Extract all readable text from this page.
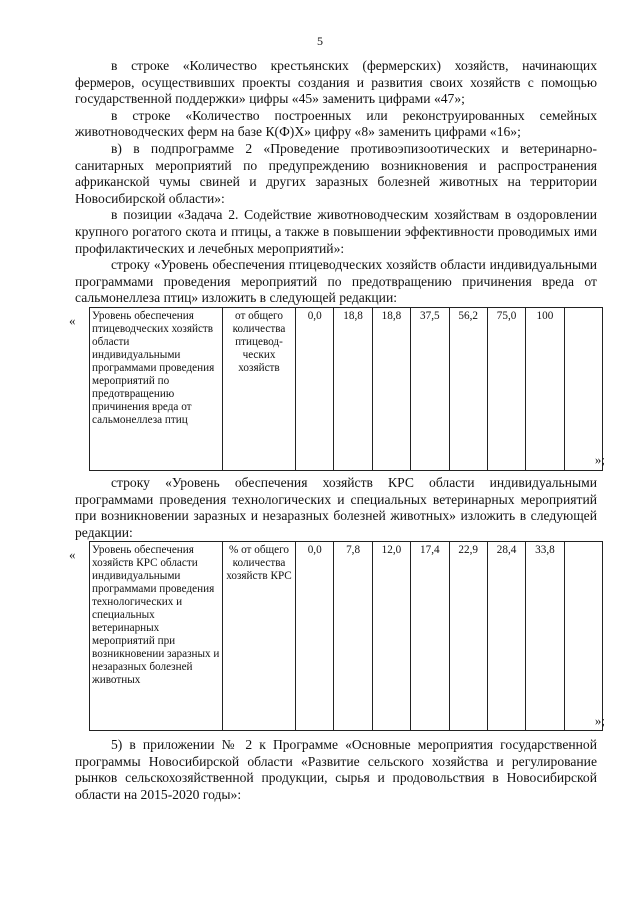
5

в строке «Количество крестьянских (фермерских) хозяйств, начинающих фермеров, осуществивших проекты создания и развития своих хозяйств с помощью государственной поддержки» цифры «45» заменить цифрами «47»;

в строке «Количество построенных или реконструированных семейных животноводческих ферм на базе К(Ф)Х» цифру «8» заменить цифрами «16»;

в) в подпрограмме 2 «Проведение противоэпизоотических и ветеринарно-санитарных мероприятий по предупреждению возникновения и распространения африканской чумы свиней и других заразных болезней животных на территории Новосибирской области»:

в позиции «Задача 2. Содействие животноводческим хозяйствам в оздоровлении крупного рогатого скота и птицы, а также в повышении эффективности проводимых ими профилактических и лечебных мероприятий»:

строку «Уровень обеспечения птицеводческих хозяйств области индивидуальными программами проведения мероприятий по предотвращению причинения вреда от сальмонеллеза птиц» изложить в следующей редакции:

« Уровень обеспечения птицеводческих хозяйств области индивидуальными программами проведения мероприятий по предотвращению причинения вреда от сальмонеллеза птиц	от общего количества птицевод-ческих хозяйств	0,0	18,8	18,8	37,5	56,2	75,0	100	
»;

строку «Уровень обеспечения хозяйств КРС области индивидуальными программами проведения технологических и специальных ветеринарных мероприятий при возникновении заразных и незаразных болезней животных» изложить в следующей редакции:

« Уровень обеспечения хозяйств КРС области индивидуальными программами проведения технологических и специальных ветеринарных мероприятий при возникновении заразных и незаразных болезней животных	% от общего количества хозяйств КРС	0,0	7,8	12,0	17,4	22,9	28,4	33,8	
»;

5) в приложении № 2 к Программе «Основные мероприятия государственной программы Новосибирской области «Развитие сельского хозяйства и регулирование рынков сельскохозяйственной продукции, сырья и продовольствия в Новосибирской области на 2015-2020 годы»:
